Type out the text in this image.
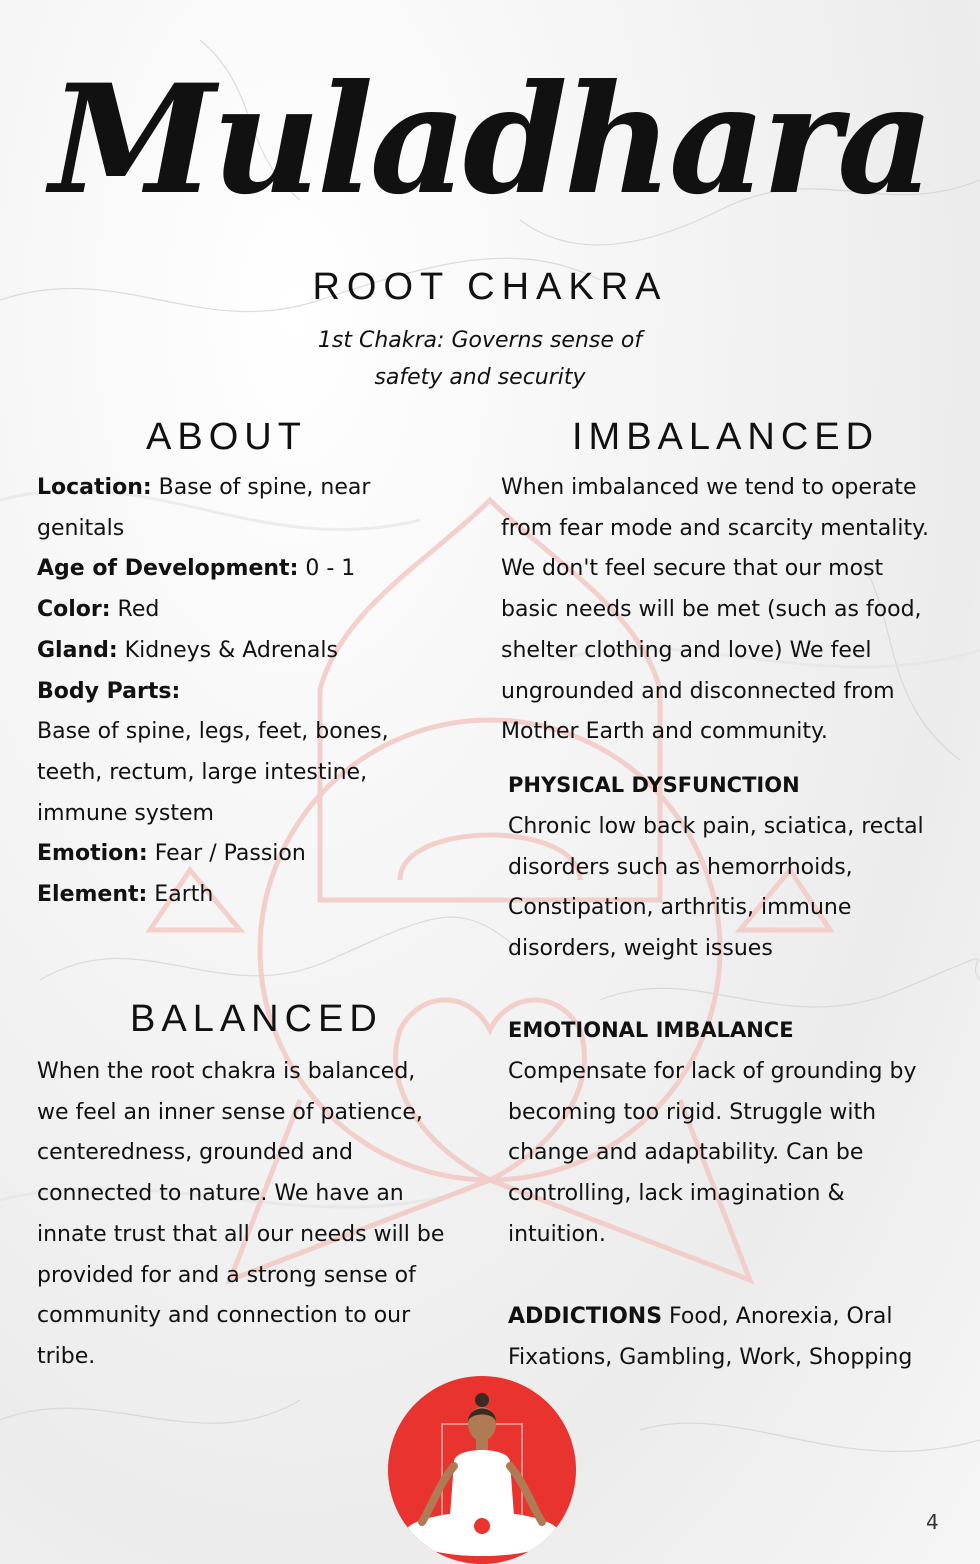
Muladhara
ROOT CHAKRA
1st Chakra: Governs sense of
safety and security
ABOUT
Location: Base of spine, near
genitals
Age of Development: 0 - 1
Color: Red
Gland: Kidneys & Adrenals
Body Parts:
Base of spine, legs, feet, bones,
teeth, rectum, large intestine,
immune system
Emotion: Fear / Passion
Element: Earth
BALANCED
When the root chakra is balanced,
we feel an inner sense of patience,
centeredness, grounded and
connected to nature. We have an
innate trust that all our needs will be
provided for and a strong sense of
community and connection to our
tribe.
IMBALANCED
When imbalanced we tend to operate
from fear mode and scarcity mentality.
We don't feel secure that our most
basic needs will be met (such as food,
shelter clothing and love) We feel
ungrounded and disconnected from
Mother Earth and community.
PHYSICAL DYSFUNCTION
Chronic low back pain, sciatica, rectal
disorders such as hemorrhoids,
Constipation, arthritis, immune
disorders, weight issues
EMOTIONAL IMBALANCE
Compensate for lack of grounding by
becoming too rigid. Struggle with
change and adaptability. Can be
controlling, lack imagination &
intuition.
ADDICTIONS Food, Anorexia, Oral
Fixations, Gambling, Work, Shopping
4
